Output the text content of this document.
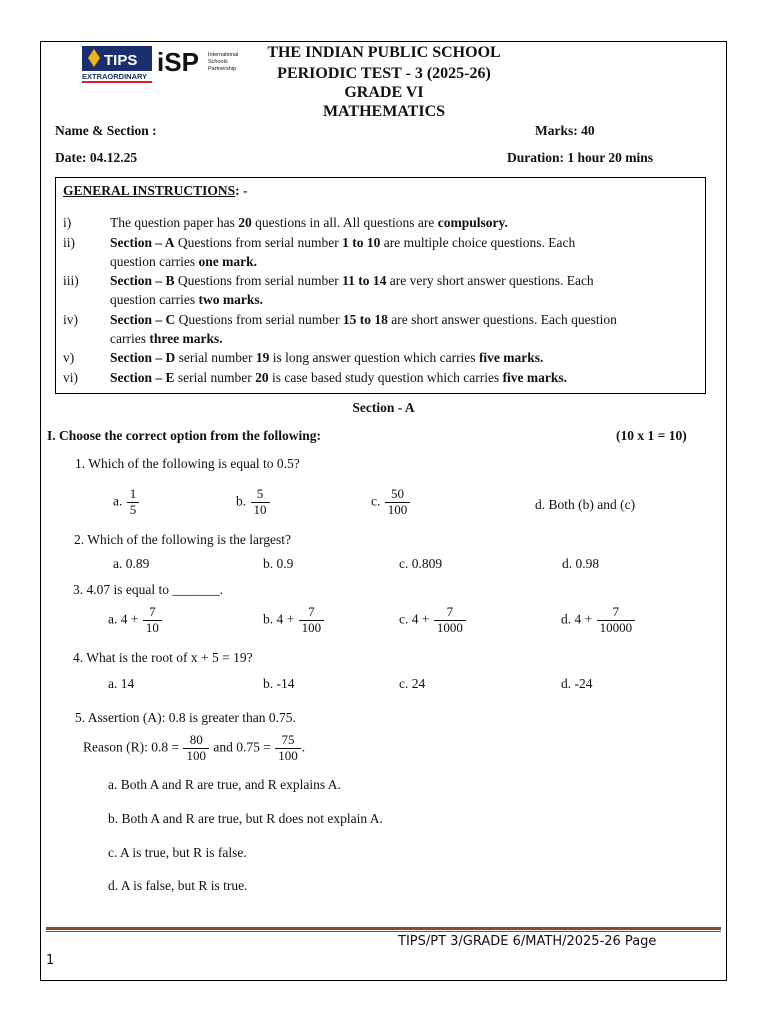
TIPS
EXTRAORDINARY iSP International
Schools
Partnership
THE INDIAN PUBLIC SCHOOL
PERIODIC TEST - 3 (2025-26)
GRADE VI
MATHEMATICS
Name & Section :	Marks: 40
Date: 04.12.25	Duration: 1 hour 20 mins
GENERAL INSTRUCTIONS: -
i)	The question paper has 20 questions in all. All questions are compulsory.
ii)	Section – A Questions from serial number 1 to 10 are multiple choice questions. Each
question carries one mark.
iii) Section – B Questions from serial number 11 to 14 are very short answer questions. Each
question carries two marks.
iv) Section – C Questions from serial number 15 to 18 are short answer questions. Each question
carries three marks.
v)	Section – D serial number 19 is long answer question which carries five marks.
vi) Section – E serial number 20 is case based study question which carries five marks.
Section - A
I. Choose the correct option from the following:	(10 x 1 = 10)
1. Which of the following is equal to 0.5?
a. $\frac{1}{5}$	b. $\frac{5}{10}$	c. $\frac{50}{100}$	d. Both (b) and (c)
2. Which of the following is the largest?
a. 0.89	b. 0.9	c. 0.809	d. 0.98
3. 4.07 is equal to _______.
a. $4 + \frac{7}{10}$	b. $4 + \frac{7}{100}$	c. $4 + \frac{7}{1000}$	d. $4 + \frac{7}{10000}$
4. What is the root of x + 5 = 19?
a. 14	b. -14	c. 24	d. -24
5. Assertion (A): 0.8 is greater than 0.75.
Reason (R): $0.8 = \frac{80}{100}$ and $0.75 = \frac{75}{100}$ .
a. Both A and R are true, and R explains A.
b. Both A and R are true, but R does not explain A.
c. A is true, but R is false.
d. A is false, but R is true.
TIPS/PT 3/GRADE 6/MATH/2025-26 Page
1
